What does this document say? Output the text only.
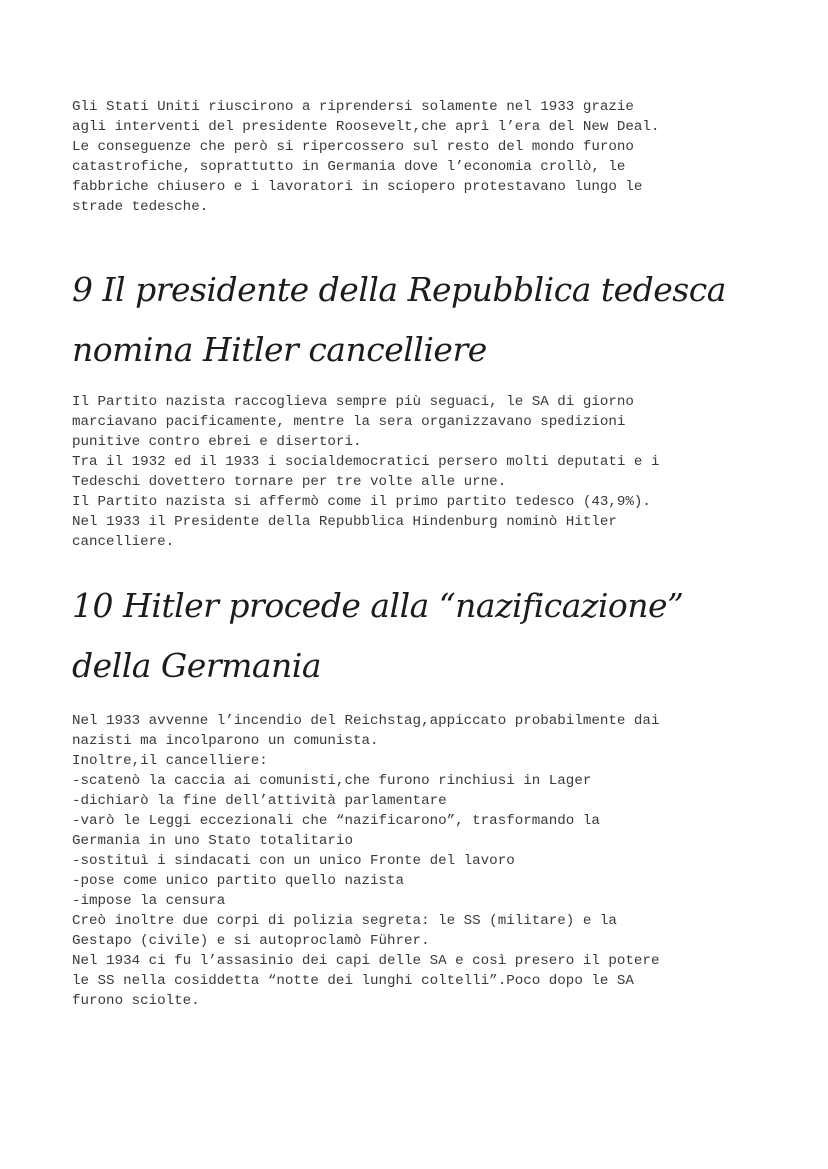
Gli Stati Uniti riuscirono a riprendersi solamente nel 1933 grazie
agli interventi del presidente Roosevelt,che aprì l’era del New Deal.
Le conseguenze che però si ripercossero sul resto del mondo furono
catastrofiche, soprattutto in Germania dove l’economia crollò, le
fabbriche chiusero e i lavoratori in sciopero protestavano lungo le
strade tedesche.
9 Il presidente della Repubblica tedesca
nomina Hitler cancelliere
Il Partito nazista raccoglieva sempre più seguaci, le SA di giorno
marciavano pacificamente, mentre la sera organizzavano spedizioni
punitive contro ebrei e disertori.
Tra il 1932 ed il 1933 i socialdemocratici persero molti deputati e i
Tedeschi dovettero tornare per tre volte alle urne.
Il Partito nazista si affermò come il primo partito tedesco (43,9%).
Nel 1933 il Presidente della Repubblica Hindenburg nominò Hitler
cancelliere.
10 Hitler procede alla “nazificazione”
della Germania
Nel 1933 avvenne l’incendio del Reichstag,appiccato probabilmente dai
nazisti ma incolparono un comunista.
Inoltre,il cancelliere:
-scatenò la caccia ai comunisti,che furono rinchiusi in Lager
-dichiarò la fine dell’attività parlamentare
-varò le Leggi eccezionali che “nazificarono”, trasformando la
Germania in uno Stato totalitario
-sostituì i sindacati con un unico Fronte del lavoro
-pose come unico partito quello nazista
-impose la censura
Creò inoltre due corpi di polizia segreta: le SS (militare) e la
Gestapo (civile) e si autoproclamò Führer.
Nel 1934 ci fu l’assasinio dei capi delle SA e così presero il potere
le SS nella cosiddetta “notte dei lunghi coltelli”.Poco dopo le SA
furono sciolte.
